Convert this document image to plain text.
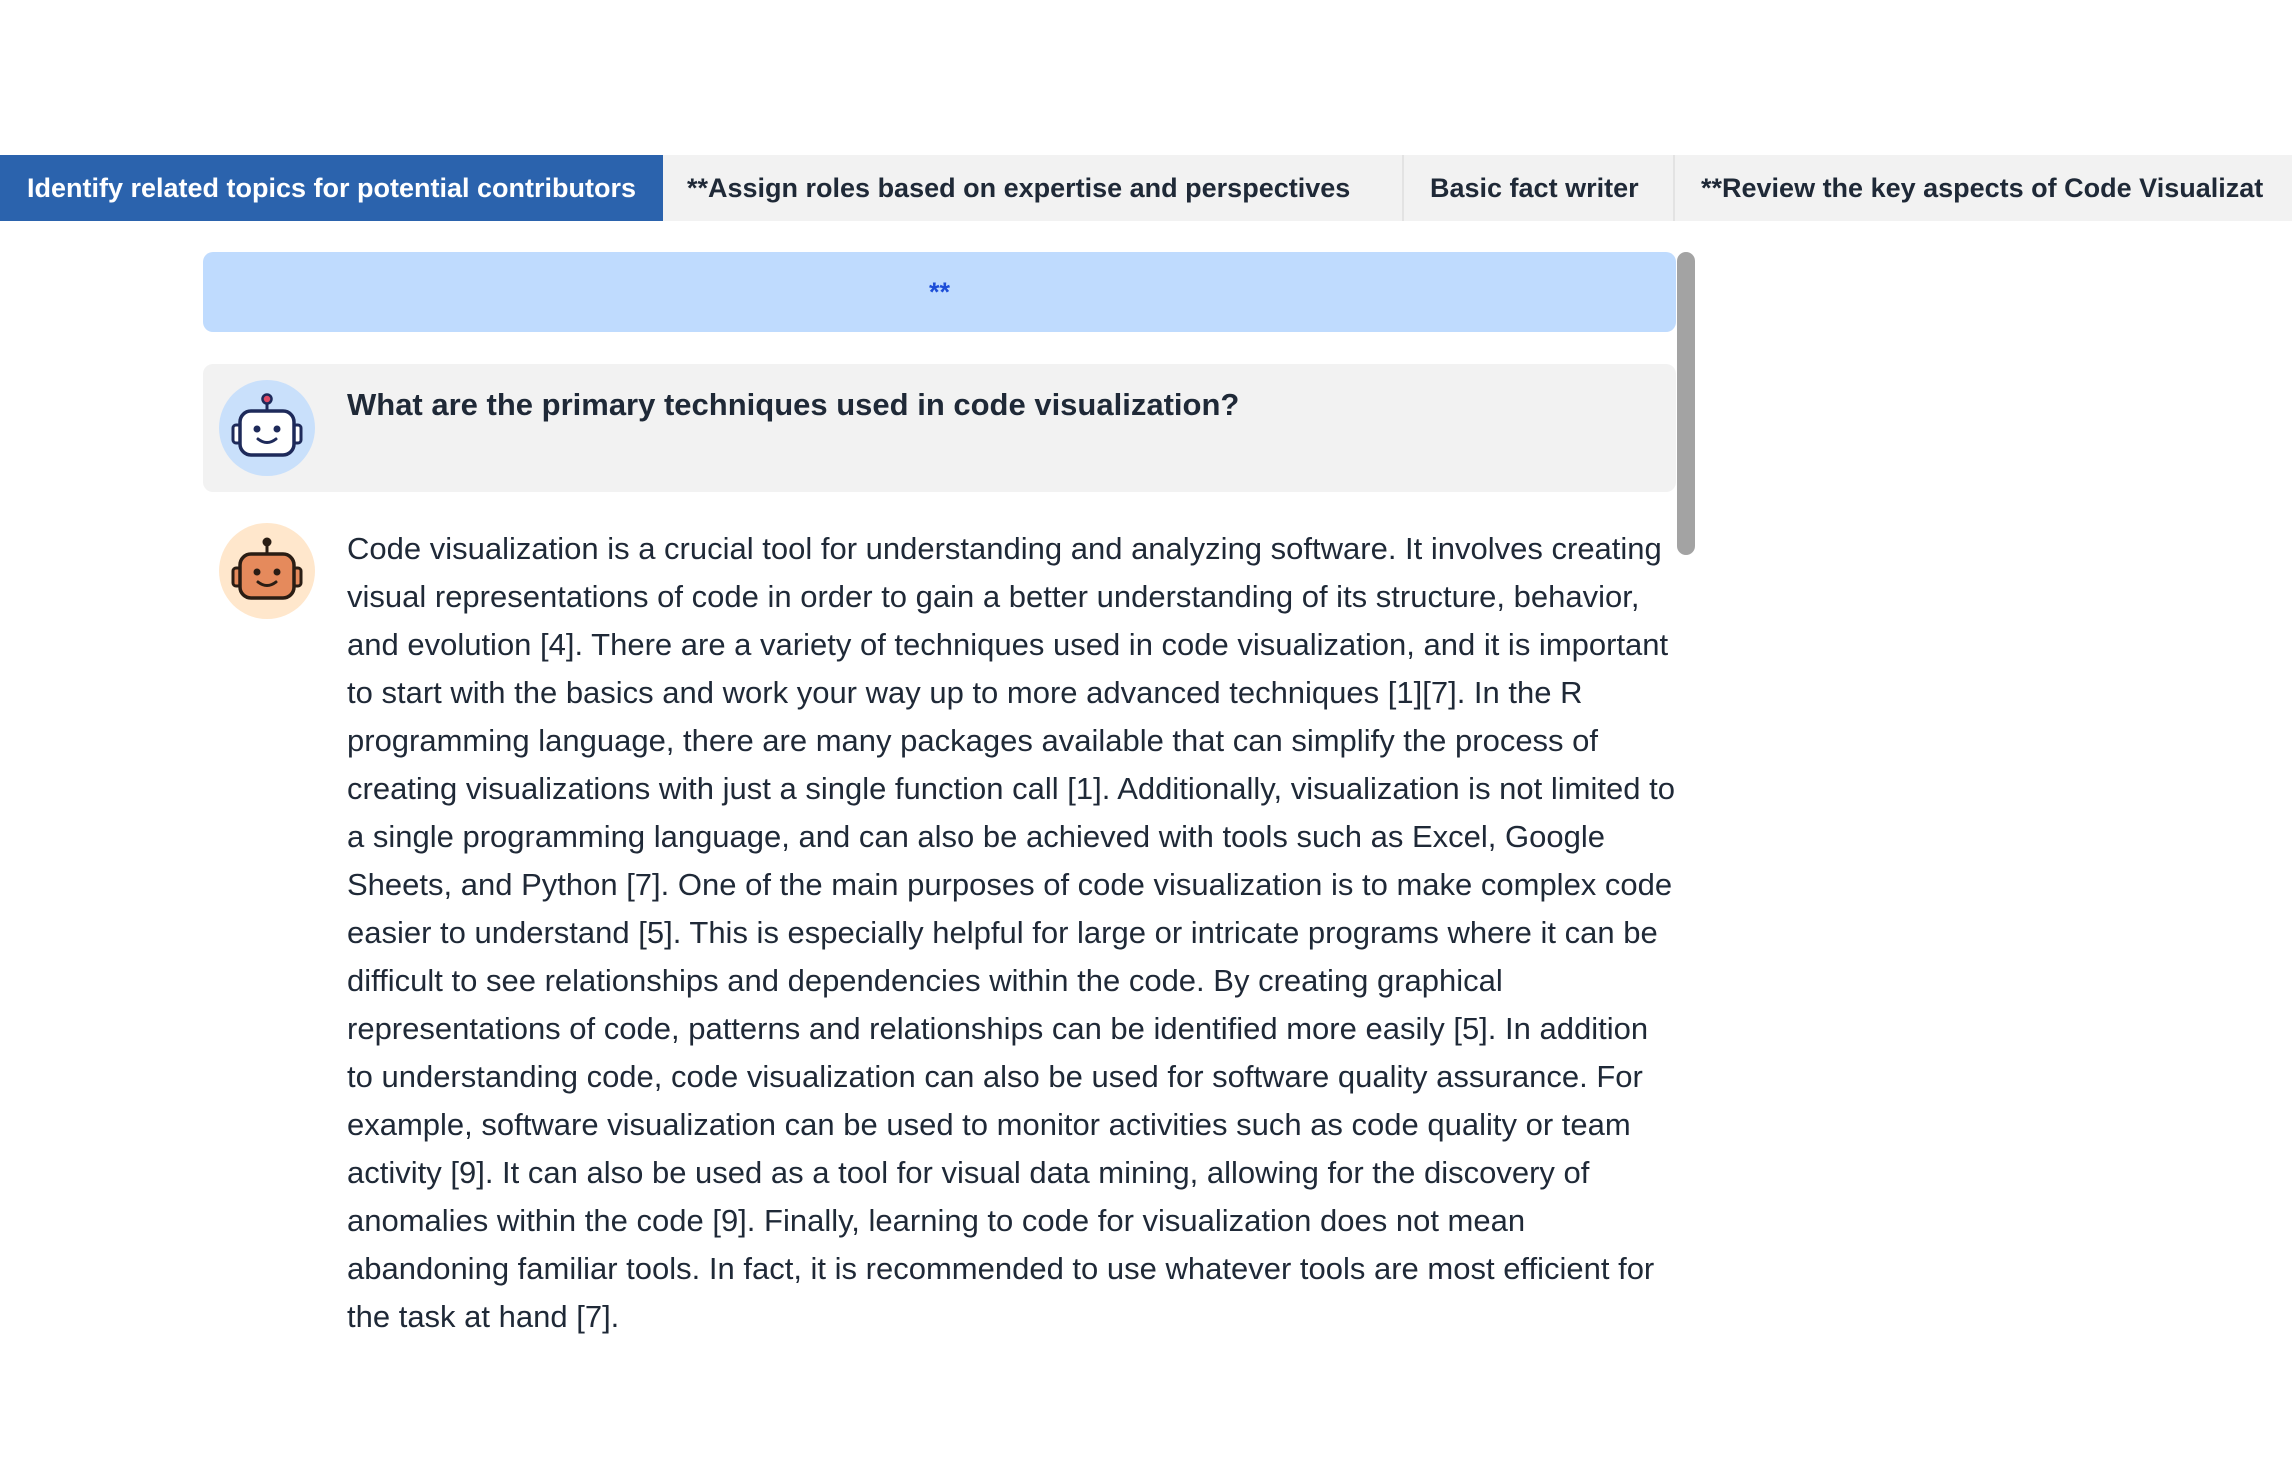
Identify related topics for potential contributors **Assign roles based on expertise and perspectives	Basic fact writer **Review the key aspects of Code Visualizat
**
What are the primary techniques used in code visualization?

Code visualization is a crucial tool for understanding and analyzing software. It involves creating visual representations of code in order to gain a better understanding of its structure, behavior, and evolution [4]. There are a variety of techniques used in code visualization, and it is important to start with the basics and work your way up to more advanced techniques [1][7]. In the R programming language, there are many packages available that can simplify the process of creating visualizations with just a single function call [1]. Additionally, visualization is not limited to a single programming language, and can also be achieved with tools such as Excel, Google Sheets, and Python [7]. One of the main purposes of code visualization is to make complex code easier to understand [5]. This is especially helpful for large or intricate programs where it can be difficult to see relationships and dependencies within the code. By creating graphical representations of code, patterns and relationships can be identified more easily [5]. In addition to understanding code, code visualization can also be used for software quality assurance. For example, software visualization can be used to monitor activities such as code quality or team activity [9]. It can also be used as a tool for visual data mining, allowing for the discovery of anomalies within the code [9]. Finally, learning to code for visualization does not mean abandoning familiar tools. In fact, it is recommended to use whatever tools are most efficient for the task at hand [7].
